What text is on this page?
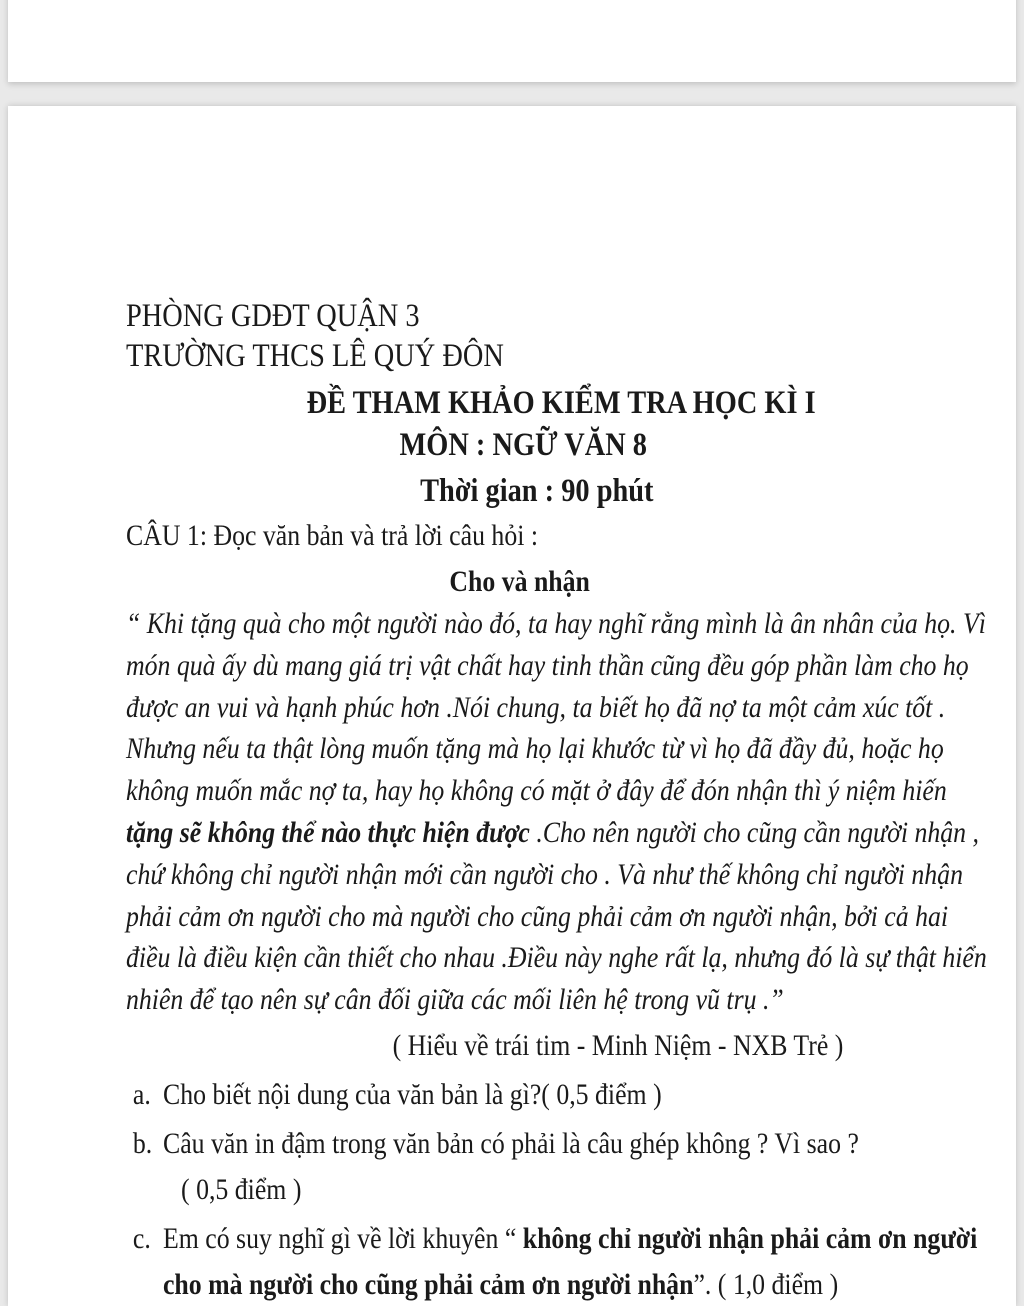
PHÒNG GDĐT QUẬN 3
TRƯỜNG THCS LÊ QUÝ ĐÔN
ĐỀ THAM KHẢO KIỂM TRA HỌC KÌ I
MÔN : NGỮ VĂN 8
Thời gian : 90 phút
CÂU 1: Đọc văn bản và trả lời câu hỏi :
Cho và nhận
“ Khi tặng quà cho một người nào đó, ta hay nghĩ rằng mình là ân nhân của họ. Vì
món quà ấy dù mang giá trị vật chất hay tinh thần cũng đều góp phần làm cho họ
được an vui và hạnh phúc hơn .Nói chung, ta biết họ đã nợ ta một cảm xúc tốt .
Nhưng nếu ta thật lòng muốn tặng mà họ lại khước từ vì họ đã đầy đủ, hoặc họ
không muốn mắc nợ ta, hay họ không có mặt ở đây để đón nhận thì ý niệm hiến
tặng sẽ không thể nào thực hiện được .Cho nên người cho cũng cần người nhận ,
chứ không chỉ người nhận mới cần người cho . Và như thế không chỉ người nhận
phải cảm ơn người cho mà người cho cũng phải cảm ơn người nhận, bởi cả hai
điều là điều kiện cần thiết cho nhau .Điều này nghe rất lạ, nhưng đó là sự thật hiển
nhiên để tạo nên sự cân đối giữa các mối liên hệ trong vũ trụ .”
( Hiểu về trái tim - Minh Niệm - NXB Trẻ )
a. Cho biết nội dung của văn bản là gì?( 0,5 điểm )
b. Câu văn in đậm trong văn bản có phải là câu ghép không ? Vì sao ?
( 0,5 điểm )
c. Em có suy nghĩ gì về lời khuyên “ không chỉ người nhận phải cảm ơn người
cho mà người cho cũng phải cảm ơn người nhận”. ( 1,0 điểm )
